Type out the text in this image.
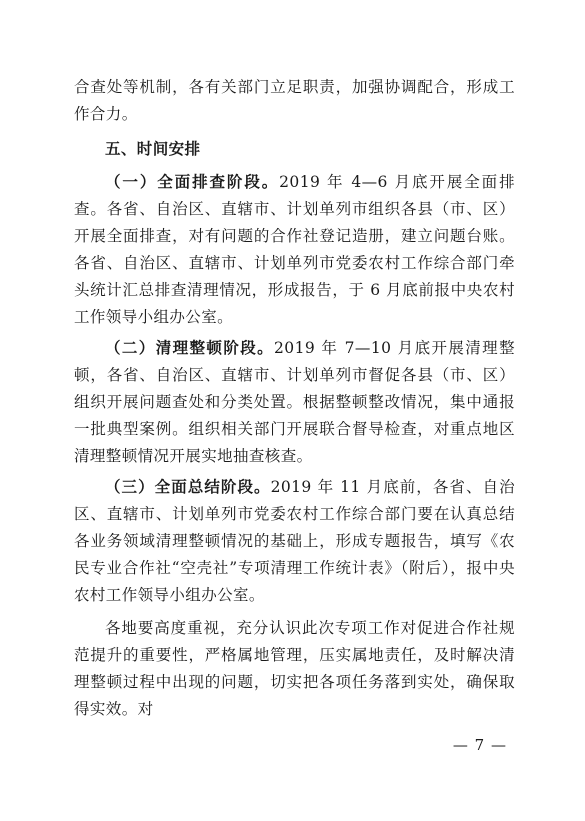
合查处等机制，各有关部门立足职责，加强协调配合，形成工作合力。

五、时间安排

（一）全面排查阶段。2019 年 4—6 月底开展全面排查。各省、自治区、直辖市、计划单列市组织各县（市、区）开展全面排查，对有问题的合作社登记造册，建立问题台账。各省、自治区、直辖市、计划单列市党委农村工作综合部门牵头统计汇总排查清理情况，形成报告，于 6 月底前报中央农村工作领导小组办公室。

（二）清理整顿阶段。2019 年 7—10 月底开展清理整顿，各省、自治区、直辖市、计划单列市督促各县（市、区）组织开展问题查处和分类处置。根据整顿整改情况，集中通报一批典型案例。组织相关部门开展联合督导检查，对重点地区清理整顿情况开展实地抽查核查。

（三）全面总结阶段。2019 年 11 月底前，各省、自治区、直辖市、计划单列市党委农村工作综合部门要在认真总结各业务领域清理整顿情况的基础上，形成专题报告，填写《农民专业合作社“空壳社”专项清理工作统计表》（附后），报中央农村工作领导小组办公室。

各地要高度重视，充分认识此次专项工作对促进合作社规范提升的重要性，严格属地管理，压实属地责任，及时解决清理整顿过程中出现的问题，切实把各项任务落到实处，确保取得实效。对

— 7 —
